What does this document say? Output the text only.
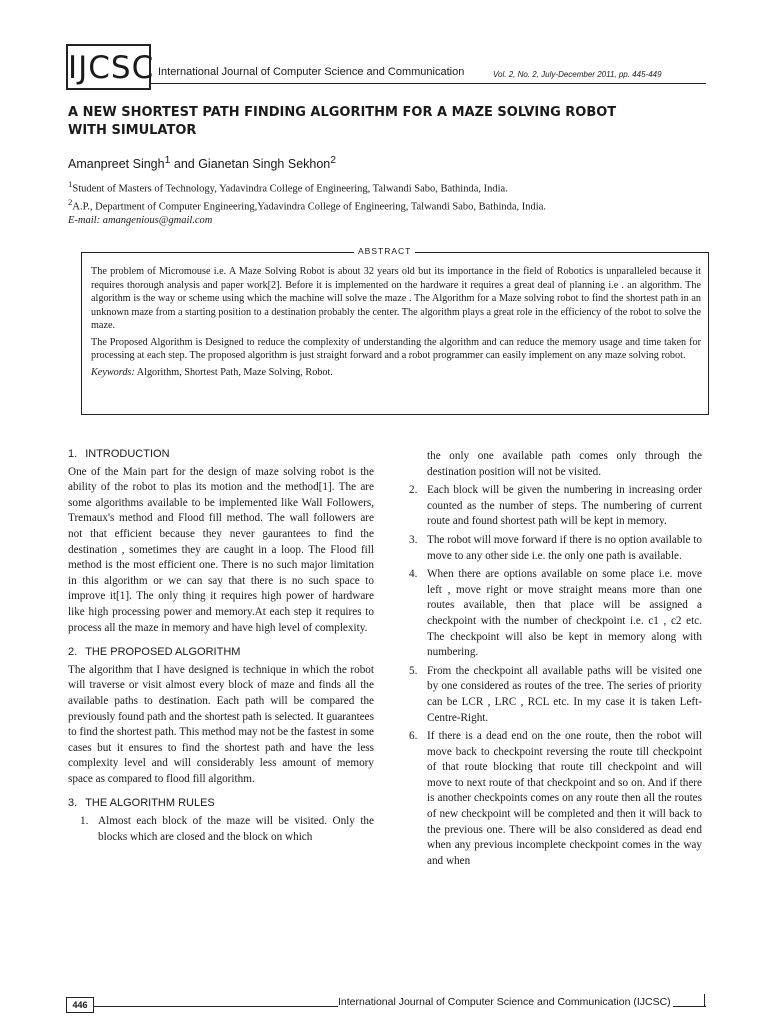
IJCSC International Journal of Computer Science and Communication	Vol. 2, No. 2, July-December 2011, pp. 445-449
A NEW SHORTEST PATH FINDING ALGORITHM FOR A MAZE SOLVING ROBOT WITH SIMULATOR
Amanpreet Singh$^1$ and Gianetan Singh Sekhon$^2$
$^1$Student of Masters of Technology, Yadavindra College of Engineering, Talwandi Sabo, Bathinda, India.
$^2$A.P., Department of Computer Engineering,Yadavindra College of Engineering, Talwandi Sabo, Bathinda, India.
E-mail: amangenious@gmail.com
ABSTRACT

The problem of Micromouse i.e. A Maze Solving Robot is about 32 years old but its importance in the field of Robotics is unparalleled because it requires thorough analysis and paper work[2]. Before it is implemented on the hardware it requires a great deal of planning i.e . an algorithm. The algorithm is the way or scheme using which the machine will solve the maze . The Algorithm for a Maze solving robot to find the shortest path in an unknown maze from a starting position to a destination probably the center. The algorithm plays a great role in the efficiency of the robot to solve the maze.

The Proposed Algorithm is Designed to reduce the complexity of understanding the algorithm and can reduce the memory usage and time taken for processing at each step. The proposed algorithm is just straight forward and a robot programmer can easily implement on any maze solving robot.

Keywords: Algorithm, Shortest Path, Maze Solving, Robot.

1. INTRODUCTION
One of the Main part for the design of maze solving robot is the ability of the robot to plas its motion and the method[1]. The are some algorithms available to be implemented like Wall Followers, Tremaux's method and Flood fill method. The wall followers are not that efficient because they never gaurantees to find the destination , sometimes they are caught in a loop. The Flood fill method is the most efficient one. There is no such major limitation in this algorithm or we can say that there is no such space to improve it[1]. The only thing it requires high power of hardware like high processing power and memory.At each step it requires to process all the maze in memory and have high level of complexity.
2. THE PROPOSED ALGORITHM
The algorithm that I have designed is technique in which the robot will traverse or visit almost every block of maze and finds all the available paths to destination. Each path will be compared the previously found path and the shortest path is selected. It guarantees to find the shortest path. This method may not be the fastest in some cases but it ensures to find the shortest path and have the less complexity level and will considerably less amount of memory space as compared to flood fill algorithm.
3. THE ALGORITHM RULES
1. Almost each block of the maze will be visited. Only the blocks which are closed and the block on which
the only one available path comes only through the destination position will not be visited.
2. Each block will be given the numbering in increasing order counted as the number of steps. The numbering of current route and found shortest path will be kept in memory.
3. The robot will move forward if there is no option available to move to any other side i.e. the only one path is available.
4. When there are options available on some place i.e. move left , move right or move straight means more than one routes available, then that place will be assigned a checkpoint with the number of checkpoint i.e. c1 , c2 etc. The checkpoint will also be kept in memory along with numbering.
5. From the checkpoint all available paths will be visited one by one considered as routes of the tree. The series of priority can be LCR , LRC , RCL etc. In my case it is taken Left-Centre-Right.
6. If there is a dead end on the one route, then the robot will move back to checkpoint reversing the route till checkpoint of that route blocking that route till checkpoint and will move to next route of that checkpoint and so on. And if there is another checkpoints comes on any route then all the routes of new checkpoint will be completed and then it will back to the previous one. There will be also considered as dead end when any previous incomplete checkpoint comes in the way and when
446	International Journal of Computer Science and Communication (IJCSC)
